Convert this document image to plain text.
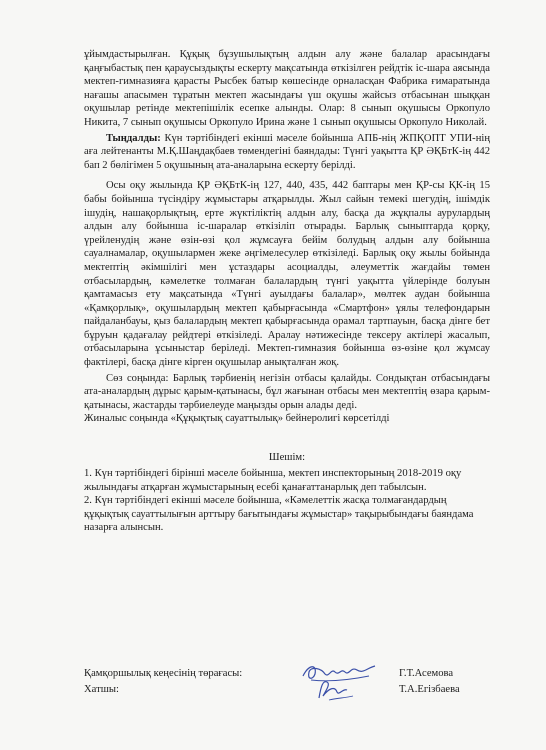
ұйымдастырылған. Құқық бұзушылықтың алдын алу және балалар арасындағы қаңғыбастық пен қараусыздықты ескерту мақсатында өткізілген рейдтік іс-шара аясында мектеп-гимназияға қарасты Рысбек батыр көшесінде орналасқан Фабрика ғимаратында нағашы апасымен тұратын мектеп жасындағы үш оқушы жайсыз отбасынан шыққан оқушылар ретінде мектепішілік есепке алынды. Олар: 8 сынып оқушысы Оркопуло Никита, 7 сынып оқушысы Оркопуло Ирина және 1 сынып оқушысы Оркопуло Николай.

Тыңдалды: Күн тәртібіндегі екінші мәселе бойынша АПБ-нің ЖПҚОПТ УПИ-нің аға лейтенанты М.Қ.Шаңдақбаев төмендегіні баяндады: Түнгі уақытта ҚР ӘҚБтК-ің 442 бап 2 бөлігімен 5 оқушының ата-аналарына ескерту берілді.

Осы оқу жылында ҚР ӘҚБтК-ің 127, 440, 435, 442 баптары мен ҚР-сы ҚК-ің 15 бабы бойынша түсіндіру жұмыстары атқарылды. Жыл сайын темекі шегудің, ішімдік ішудің, нашақорлықтың, ерте жүктіліктің алдын алу, басқа да жұқпалы аурулардың алдын алу бойынша іс-шаралар өткізіліп отырады. Барлық сыныптарда қорқу, үрейленудің және өзін-өзі қол жұмсауға бейім болудың алдын алу бойынша сауалнамалар, оқушылармен жеке әңгімелесулер өткізіледі. Барлық оқу жылы бойында мектептің әкімшілігі мен ұстаздары асоциалды, әлеуметтік жағдайы төмен отбасылардың, кәмелетке толмаған балалардың түнгі уақытта үйлерінде болуын қамтамасыз ету мақсатында «Түнгі ауылдағы балалар», мөлтек аудан бойынша «Қамқорлық», оқушылардың мектеп қабырғасында «Смартфон» ұялы телефондарын пайдаланбауы, қыз балалардың мектеп қабырғасында орамал тартпауын, басқа дінге бет бұруын қадағалау рейдтері өткізіледі. Аралау нәтижесінде тексеру актілері жасалып, отбасыларына ұсыныстар беріледі. Мектеп-гимназия бойынша өз-өзіне қол жұмсау фактілері, басқа дінге кірген оқушылар анықталған жоқ.

Сөз соңында: Барлық тәрбиенің негізін отбасы қалайды. Сондықтан отбасындағы ата-аналардың дұрыс қарым-қатынасы, бұл жағынан отбасы мен мектептің өзара қарым-қатынасы, жастарды тәрбиелеуде маңызды орын алады деді.

Жиналыс соңында «Құқықтық сауаттылық» бейнеролигі көрсетілді

Шешім:

1. Күн тәртібіндегі бірінші мәселе бойынша, мектеп инспекторының 2018-2019 оқу жылындағы атқарған жұмыстарының есебі қанағаттанарлық деп табылсын.

2. Күн тәртібіндегі екінші мәселе бойынша, «Кәмелеттік жасқа толмағандардың құқықтық сауаттылығын арттыру бағытындағы жұмыстар» тақырыбындағы баяндама назарға алынсын.

Қамқоршылық кеңесінің төрағасы:	Г.Т.Асемова
Хатшы:	Т.А.Егізбаева
